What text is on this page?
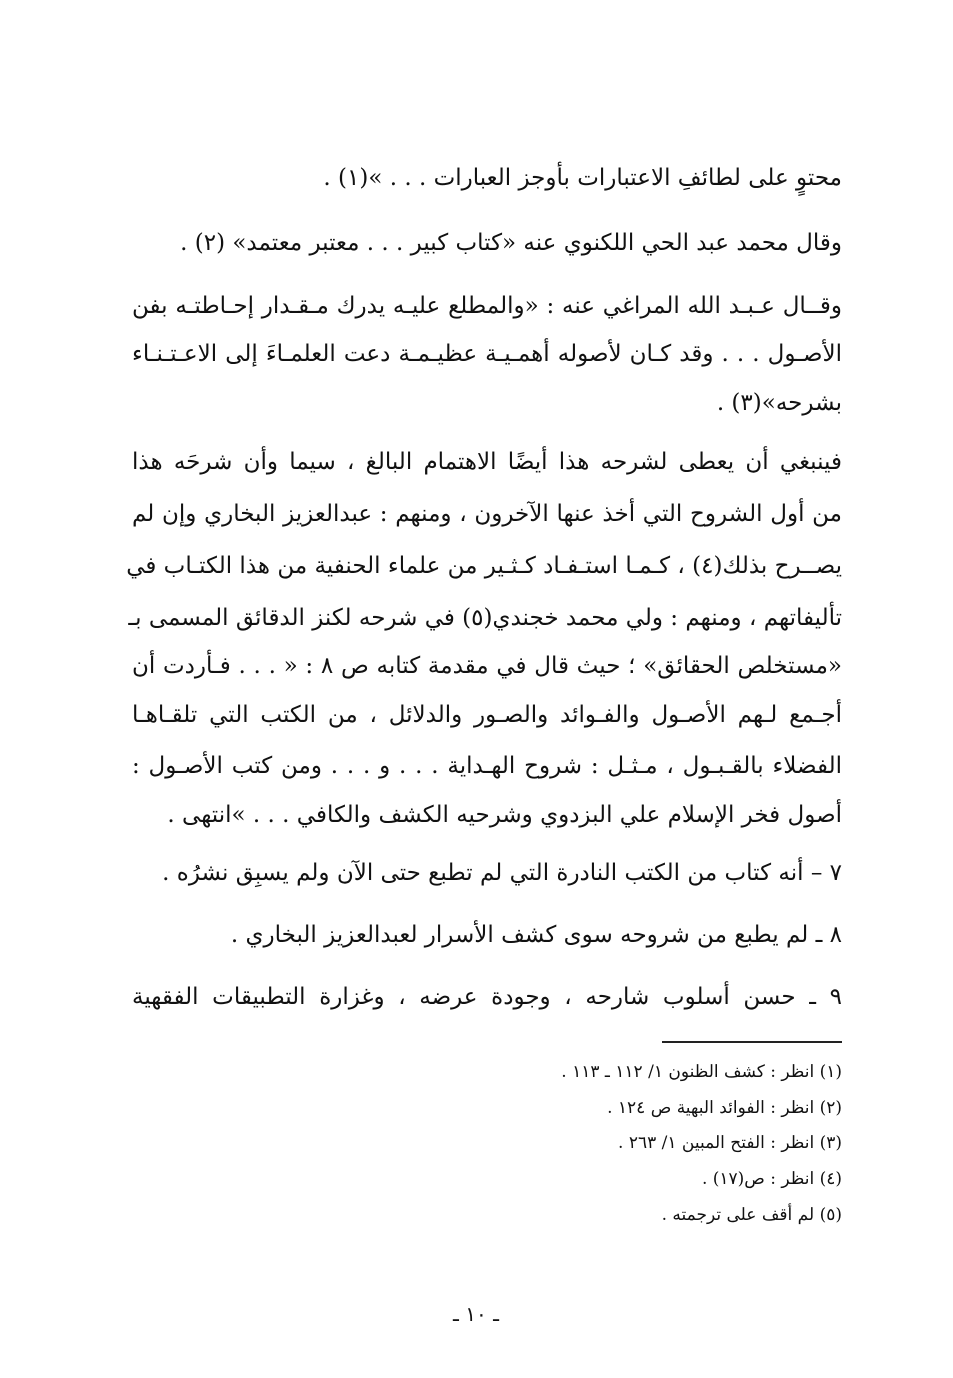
محتوٍ على لطائفِ الاعتبارات بأوجز العبارات . . . »(١) .
وقال محمد عبد الحي اللكنوي عنه «كتاب كبير . . . معتبر معتمد» (٢) .
وقــال عـبـد الله المراغي عنه : «والمطلع عليـه يدرك مـقـدار إحـاطتـه بفن
الأصـول . . . وقد كـان لأصوله أهمـيـة عظيـمـة دعت العلمـاءَ إلى الاعـتـنـاء
بشرحه»(٣) .
فينبغي أن يعطى لشرحه هذا أيضًا الاهتمام البالغ ، سيما وأن شرحَه هذا
من أول الشروح التي أخذ عنها الآخرون ، ومنهم : عبدالعزيز البخاري وإن لم
يصــرح بذلك(٤) ، كـمـا استـفـاد كـثـير من علماء الحنفية من هذا الكتـاب في
تأليفاتهم ، ومنهم : ولي محمد خجندي(٥) في شرحه لكنز الدقائق المسمى بـ
«مستخلص الحقائق» ؛ حيث قال في مقدمة كتابه ص ٨ : « . . . فـأردت أن
أجـمع لـهم الأصـول والفـوائد والصـور والدلائل ، من الكتب التي تلقـاهـا
الفضلاء بالقـبـول ، مـثـل : شروح الهـداية . . . و . . . ومن كتب الأصـول :
أصول فخر الإسلام علي البزدوي وشرحيه الكشف والكافي . . . »انتهى .
٧ – أنه كتاب من الكتب النادرة التي لم تطبع حتى الآن ولم يسبِق نشرُه .
٨ ـ لم يطبع من شروحه سوى كشف الأسرار لعبدالعزيز البخاري .
٩ ـ حسن أسلوب شارحه ، وجودة عرضه ، وغزارة التطبيقات الفقهية
(١) انظر : كشف الظنون ١/ ١١٢ ـ ١١٣ .
(٢) انظر : الفوائد البهية ص ١٢٤ .
(٣) انظر : الفتح المبين ١/ ٢٦٣ .
(٤) انظر : ص(١٧) .
(٥) لم أقف على ترجمته .
ـ ١٠ ـ
